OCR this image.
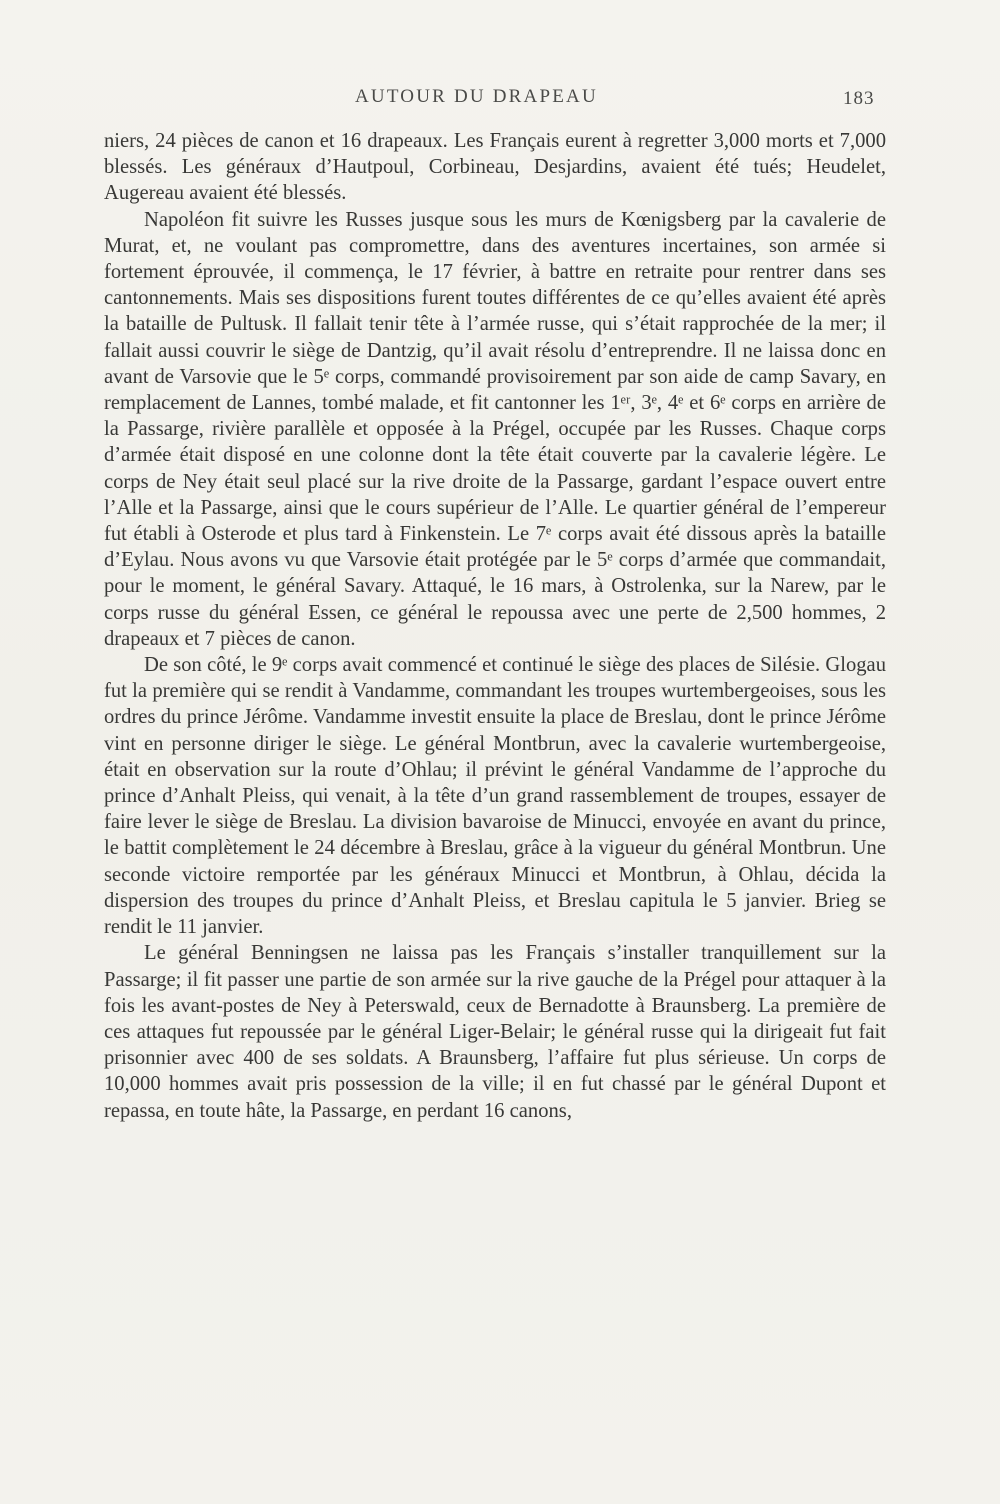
AUTOUR DU DRAPEAU	183

niers, 24 pièces de canon et 16 drapeaux. Les Français eurent à regretter 3,000 morts et 7,000 blessés. Les généraux d’Hautpoul, Corbineau, Desjardins, avaient été tués; Heudelet, Augereau avaient été blessés.

Napoléon fit suivre les Russes jusque sous les murs de Kœnigsberg par la cavalerie de Murat, et, ne voulant pas compromettre, dans des aventures incertaines, son armée si fortement éprouvée, il commença, le 17 février, à battre en retraite pour rentrer dans ses cantonnements. Mais ses dispositions furent toutes différentes de ce qu’elles avaient été après la bataille de Pultusk. Il fallait tenir tête à l’armée russe, qui s’était rapprochée de la mer; il fallait aussi couvrir le siège de Dantzig, qu’il avait résolu d’entreprendre. Il ne laissa donc en avant de Varsovie que le 5ᵉ corps, commandé provisoirement par son aide de camp Savary, en remplacement de Lannes, tombé malade, et fit cantonner les 1ᵉʳ, 3ᵉ, 4ᵉ et 6ᵉ corps en arrière de la Passarge, rivière parallèle et opposée à la Prégel, occupée par les Russes. Chaque corps d’armée était disposé en une colonne dont la tête était couverte par la cavalerie légère. Le corps de Ney était seul placé sur la rive droite de la Passarge, gardant l’espace ouvert entre l’Alle et la Passarge, ainsi que le cours supérieur de l’Alle. Le quartier général de l’empereur fut établi à Osterode et plus tard à Finkenstein. Le 7ᵉ corps avait été dissous après la bataille d’Eylau. Nous avons vu que Varsovie était protégée par le 5ᵉ corps d’armée que commandait, pour le moment, le général Savary. Attaqué, le 16 mars, à Ostrolenka, sur la Narew, par le corps russe du général Essen, ce général le repoussa avec une perte de 2,500 hommes, 2 drapeaux et 7 pièces de canon.

De son côté, le 9ᵉ corps avait commencé et continué le siège des places de Silésie. Glogau fut la première qui se rendit à Vandamme, commandant les troupes wurtembergeoises, sous les ordres du prince Jérôme. Vandamme investit ensuite la place de Breslau, dont le prince Jérôme vint en personne diriger le siège. Le général Montbrun, avec la cavalerie wurtembergeoise, était en observation sur la route d’Ohlau; il prévint le général Vandamme de l’approche du prince d’Anhalt Pleiss, qui venait, à la tête d’un grand rassemblement de troupes, essayer de faire lever le siège de Breslau. La division bavaroise de Minucci, envoyée en avant du prince, le battit complètement le 24 décembre à Breslau, grâce à la vigueur du général Montbrun. Une seconde victoire remportée par les généraux Minucci et Montbrun, à Ohlau, décida la dispersion des troupes du prince d’Anhalt Pleiss, et Breslau capitula le 5 janvier. Brieg se rendit le 11 janvier.

Le général Benningsen ne laissa pas les Français s’installer tranquillement sur la Passarge; il fit passer une partie de son armée sur la rive gauche de la Prégel pour attaquer à la fois les avant-postes de Ney à Peterswald, ceux de Bernadotte à Braunsberg. La première de ces attaques fut repoussée par le général Liger-Belair; le général russe qui la dirigeait fut fait prisonnier avec 400 de ses soldats. A Braunsberg, l’affaire fut plus sérieuse. Un corps de 10,000 hommes avait pris possession de la ville; il en fut chassé par le général Dupont et repassa, en toute hâte, la Passarge, en perdant 16 canons,
